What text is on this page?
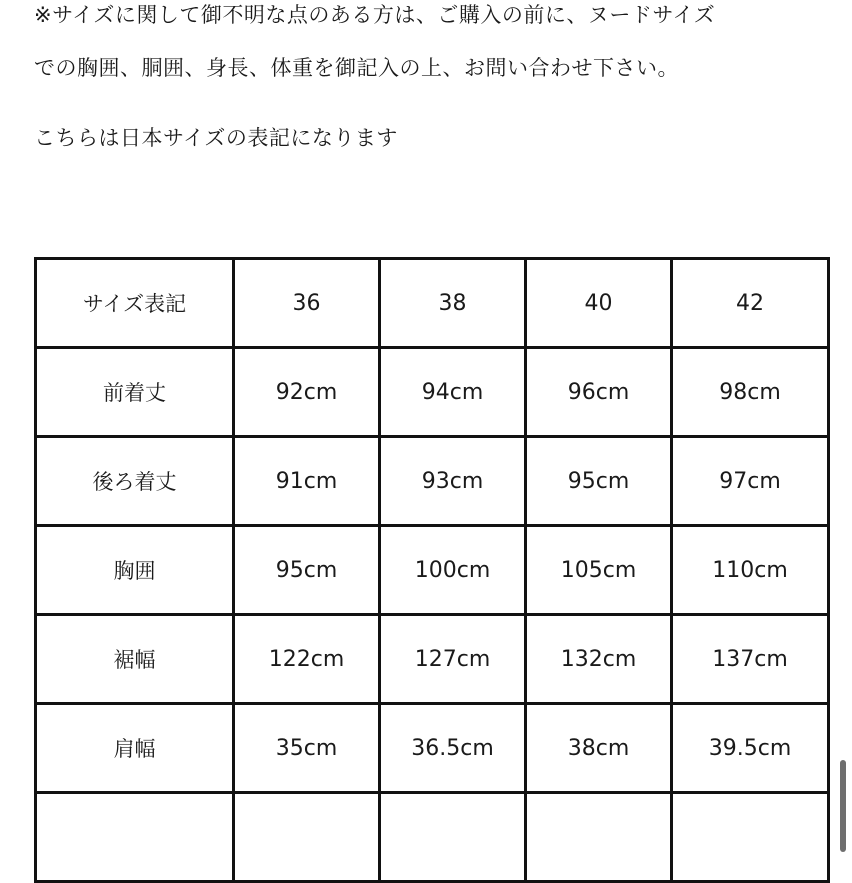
※サイズに関して御不明な点のある方は、ご購入の前に、ヌードサイズ
での胸囲、胴囲、身長、体重を御記入の上、お問い合わせ下さい。
こちらは日本サイズの表記になります
サイズ表記	36	38	40	42
前着丈	92cm	94cm	96cm	98cm
後ろ着丈	91cm	93cm	95cm	97cm
胸囲	95cm	100cm	105cm	110cm
裾幅	122cm	127cm	132cm	137cm
肩幅	35cm	36.5cm	38cm	39.5cm
